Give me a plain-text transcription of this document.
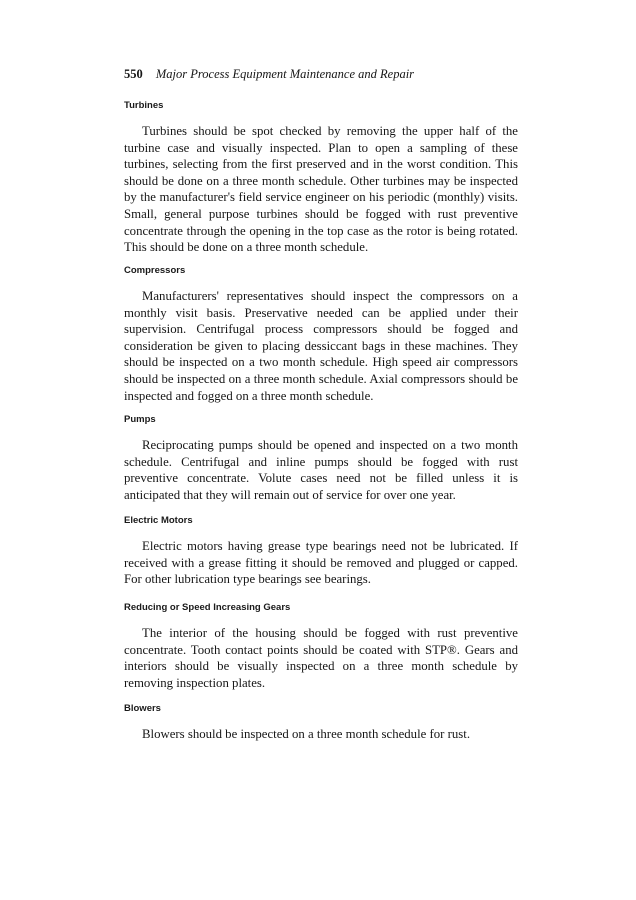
550 Major Process Equipment Maintenance and Repair
Turbines

Turbines should be spot checked by removing the upper half of the turbine case and visually inspected. Plan to open a sampling of these turbines, selecting from the first preserved and in the worst condition. This should be done on a three month schedule. Other turbines may be inspected by the manufacturer's field service engineer on his periodic (monthly) visits. Small, general purpose turbines should be fogged with rust preventive concentrate through the opening in the top case as the rotor is being rotated. This should be done on a three month schedule.

Compressors

Manufacturers' representatives should inspect the compressors on a monthly visit basis. Preservative needed can be applied under their supervision. Centrifugal process compressors should be fogged and consideration be given to placing dessiccant bags in these machines. They should be inspected on a two month schedule. High speed air compressors should be inspected on a three month schedule. Axial compressors should be inspected and fogged on a three month schedule.

Pumps

Reciprocating pumps should be opened and inspected on a two month schedule. Centrifugal and inline pumps should be fogged with rust preventive concentrate. Volute cases need not be filled unless it is anticipated that they will remain out of service for over one year.

Electric Motors

Electric motors having grease type bearings need not be lubricated. If received with a grease fitting it should be removed and plugged or capped. For other lubrication type bearings see bearings.

Reducing or Speed Increasing Gears

The interior of the housing should be fogged with rust preventive concentrate. Tooth contact points should be coated with STP®. Gears and interiors should be visually inspected on a three month schedule by removing inspection plates.

Blowers

Blowers should be inspected on a three month schedule for rust.
